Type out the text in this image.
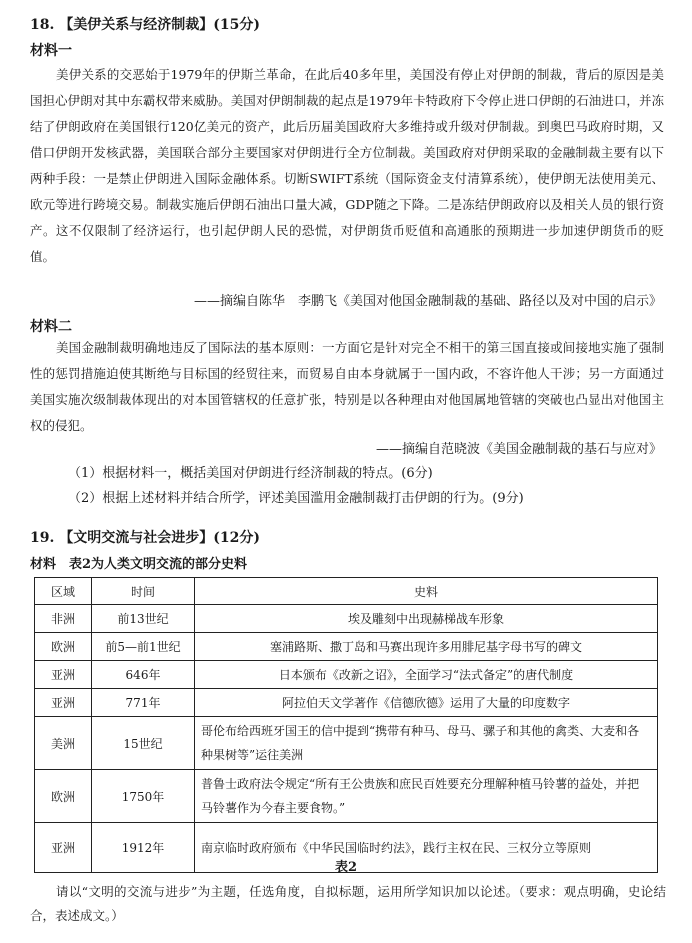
18. 【美伊关系与经济制裁】(15分)
材料一
美伊关系的交恶始于1979年的伊斯兰革命，在此后40多年里，美国没有停止对伊朗的制裁，背后的原因是美国担心伊朗对其中东霸权带来威胁。美国对伊朗制裁的起点是1979年卡特政府下令停止进口伊朗的石油进口，并冻结了伊朗政府在美国银行120亿美元的资产，此后历届美国政府大多维持或升级对伊制裁。到奥巴马政府时期，又借口伊朗开发核武器，美国联合部分主要国家对伊朗进行全方位制裁。美国政府对伊朗采取的金融制裁主要有以下两种手段：一是禁止伊朗进入国际金融体系。切断SWIFT系统（国际资金支付清算系统），使伊朗无法使用美元、欧元等进行跨境交易。制裁实施后伊朗石油出口量大减，GDP随之下降。二是冻结伊朗政府以及相关人员的银行资产。这不仅限制了经济运行，也引起伊朗人民的恐慌，对伊朗货币贬值和高通胀的预期进一步加速伊朗货币的贬值。
——摘编自陈华　李鹏飞《美国对他国金融制裁的基础、路径以及对中国的启示》
材料二
美国金融制裁明确地违反了国际法的基本原则：一方面它是针对完全不相干的第三国直接或间接地实施了强制性的惩罚措施迫使其断绝与目标国的经贸往来，而贸易自由本身就属于一国内政，不容许他人干涉；另一方面通过美国实施次级制裁体现出的对本国管辖权的任意扩张，特别是以各种理由对他国属地管辖的突破也凸显出对他国主权的侵犯。
——摘编自范晓波《美国金融制裁的基石与应对》
（1）根据材料一，概括美国对伊朗进行经济制裁的特点。(6分)
（2）根据上述材料并结合所学，评述美国滥用金融制裁打击伊朗的行为。(9分)
19. 【文明交流与社会进步】(12分)
材料　表2为人类文明交流的部分史料
区域	时间	史料
非洲	前13世纪	埃及雕刻中出现赫梯战车形象
欧洲	前5—前1世纪	塞浦路斯、撒丁岛和马赛出现许多用腓尼基字母书写的碑文
亚洲	646年	日本颁布《改新之诏》，全面学习“法式备定”的唐代制度
亚洲	771年	阿拉伯天文学著作《信德欣德》运用了大量的印度数字
美洲	15世纪	哥伦布给西班牙国王的信中提到“携带有种马、母马、骡子和其他的禽类、大麦和各种果树等”运往美洲
欧洲	1750年	普鲁士政府法令规定“所有王公贵族和庶民百姓要充分理解种植马铃薯的益处，并把马铃薯作为今春主要食物。”
亚洲	1912年	南京临时政府颁布《中华民国临时约法》，践行主权在民、三权分立等原则
表2
请以“文明的交流与进步”为主题，任选角度，自拟标题，运用所学知识加以论述。（要求：观点明确，史论结合，表述成文。）
